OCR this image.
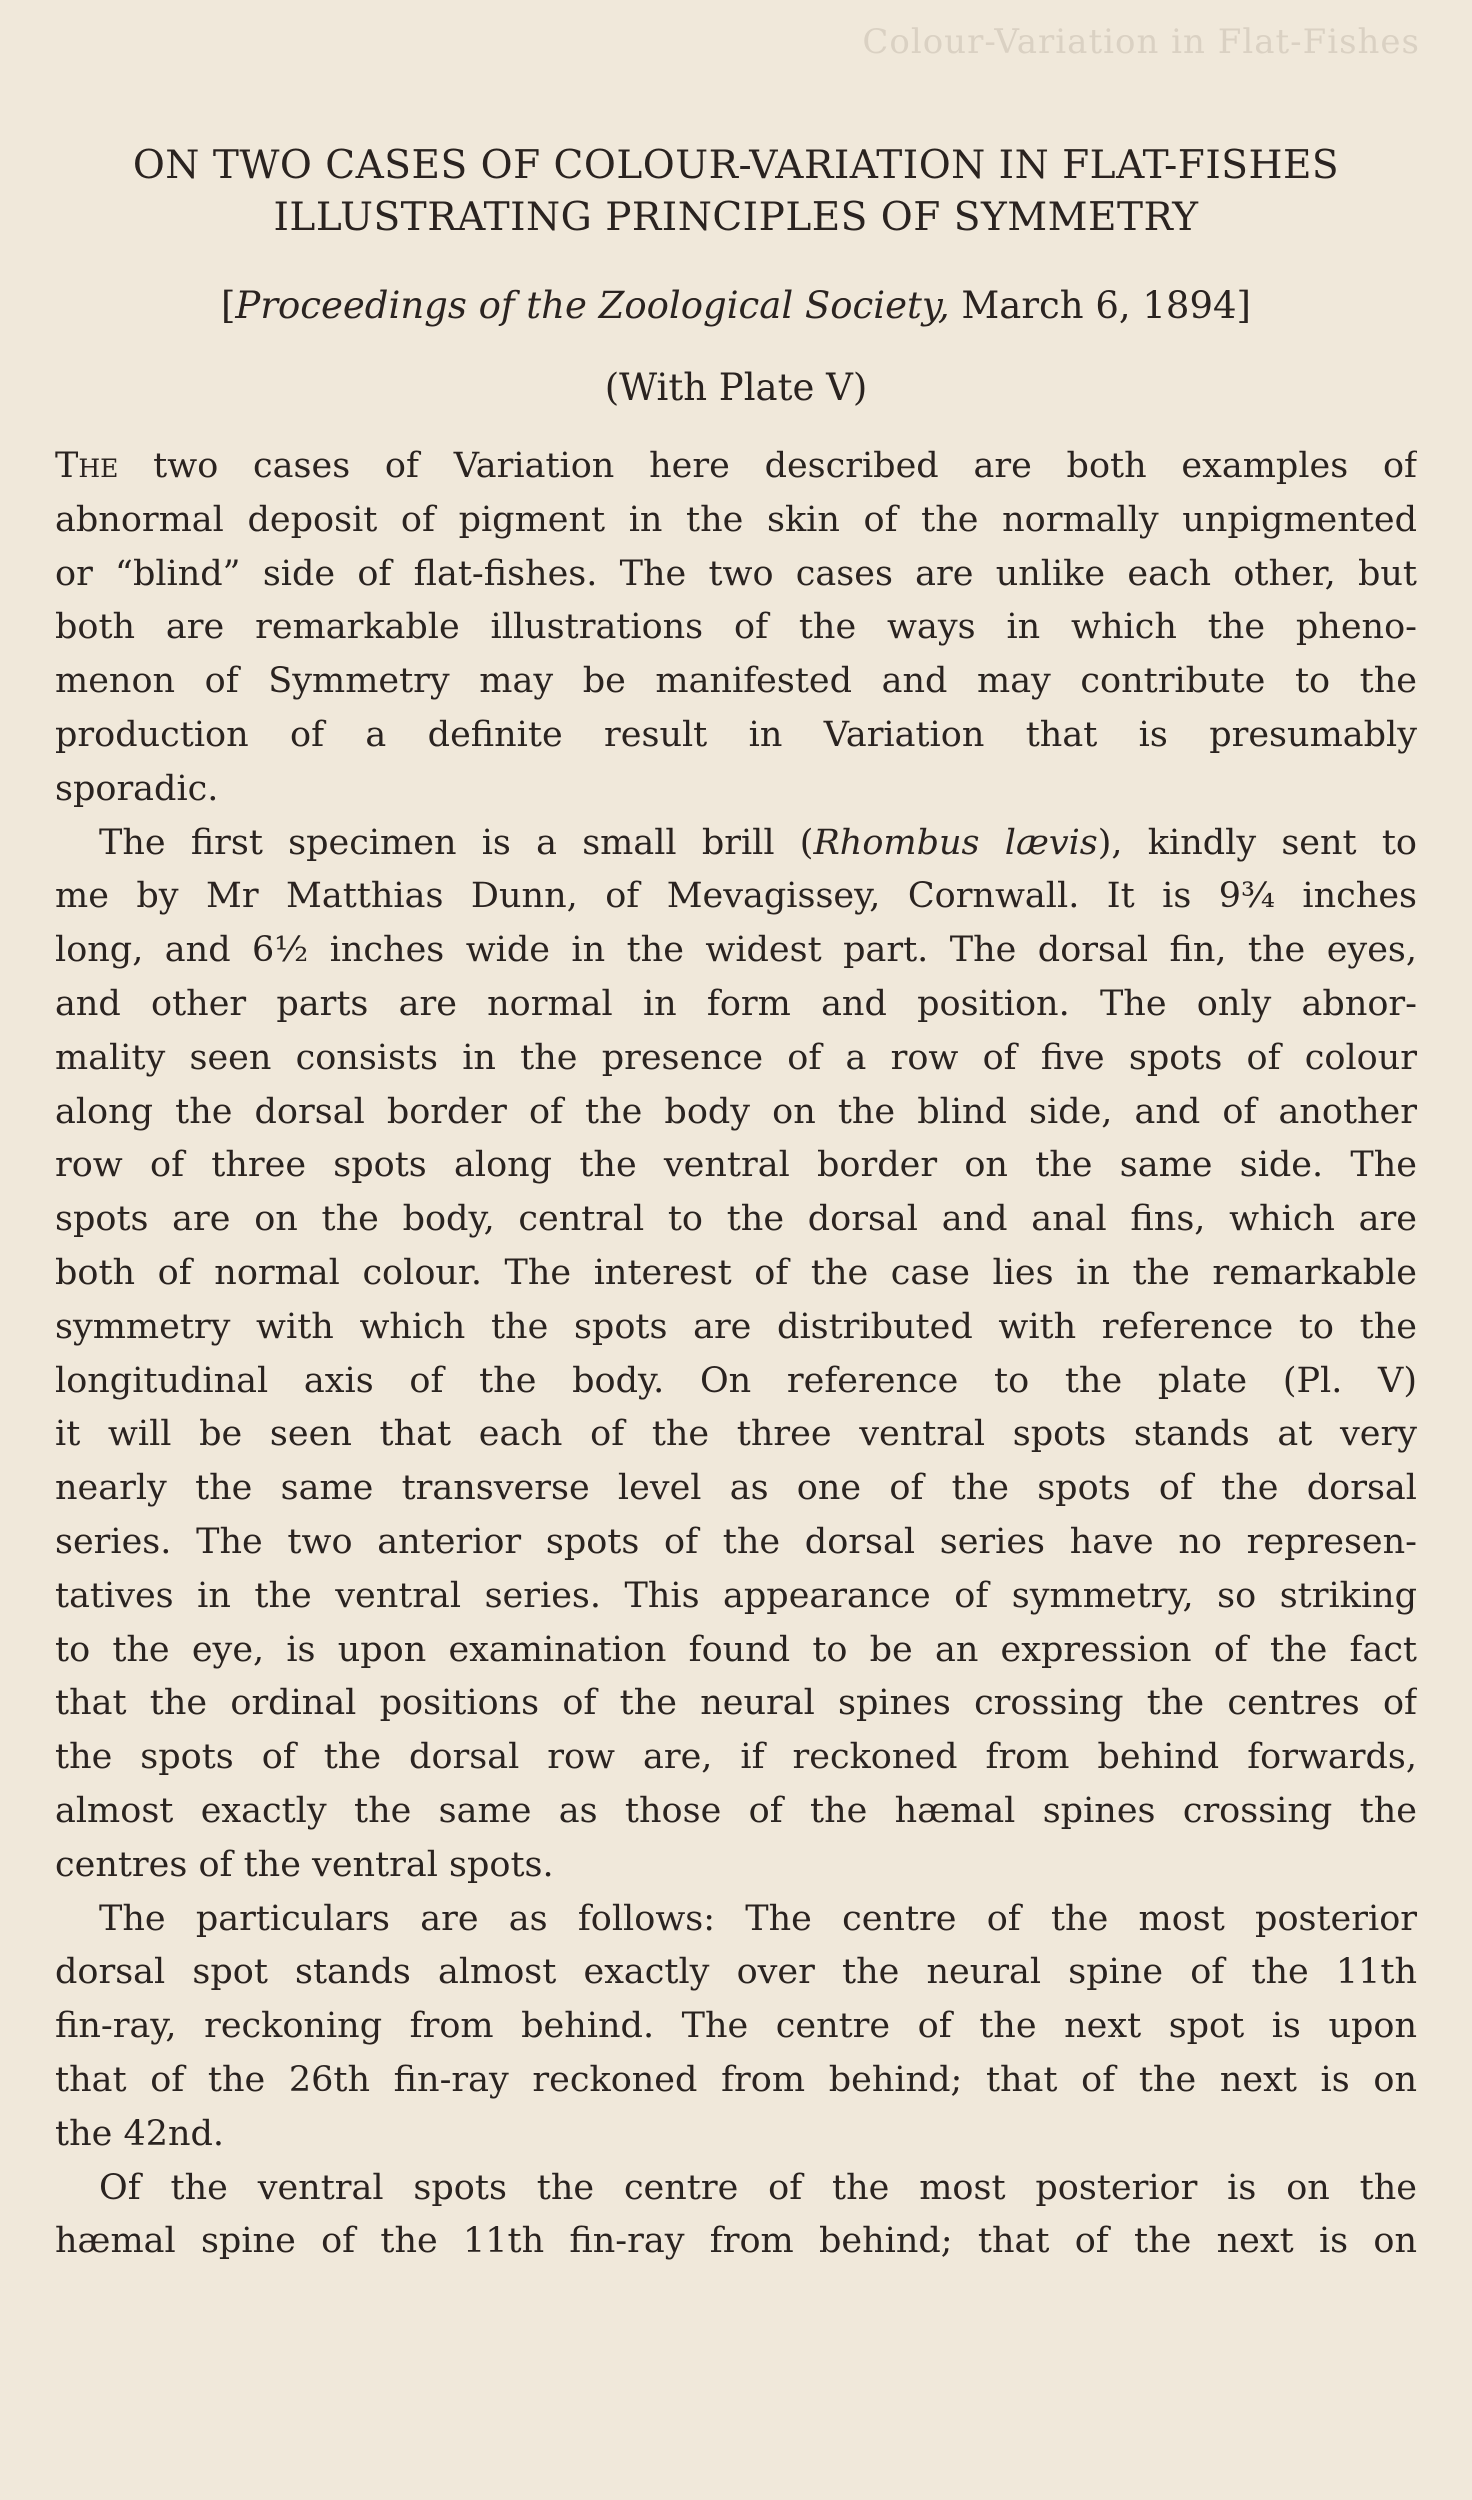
Colour-Variation in Flat-Fishes
ON TWO CASES OF COLOUR-VARIATION IN FLAT-FISHES
ILLUSTRATING PRINCIPLES OF SYMMETRY
[Proceedings of the Zoological Society, March 6, 1894]
(With Plate V)
The two cases of Variation here described are both examples of
abnormal deposit of pigment in the skin of the normally unpigmented
or “blind” side of flat-fishes. The two cases are unlike each other, but
both are remarkable illustrations of the ways in which the pheno-
menon of Symmetry may be manifested and may contribute to the
production of a definite result in Variation that is presumably
sporadic.
The first specimen is a small brill (Rhombus lævis), kindly sent to
me by Mr Matthias Dunn, of Mevagissey, Cornwall. It is 9¾ inches
long, and 6½ inches wide in the widest part. The dorsal fin, the eyes,
and other parts are normal in form and position. The only abnor-
mality seen consists in the presence of a row of five spots of colour
along the dorsal border of the body on the blind side, and of another
row of three spots along the ventral border on the same side. The
spots are on the body, central to the dorsal and anal fins, which are
both of normal colour. The interest of the case lies in the remarkable
symmetry with which the spots are distributed with reference to the
longitudinal axis of the body. On reference to the plate (Pl. V)
it will be seen that each of the three ventral spots stands at very
nearly the same transverse level as one of the spots of the dorsal
series. The two anterior spots of the dorsal series have no represen-
tatives in the ventral series. This appearance of symmetry, so striking
to the eye, is upon examination found to be an expression of the fact
that the ordinal positions of the neural spines crossing the centres of
the spots of the dorsal row are, if reckoned from behind forwards,
almost exactly the same as those of the hæmal spines crossing the
centres of the ventral spots.
The particulars are as follows: The centre of the most posterior
dorsal spot stands almost exactly over the neural spine of the 11th
fin-ray, reckoning from behind. The centre of the next spot is upon
that of the 26th fin-ray reckoned from behind; that of the next is on
the 42nd.
Of the ventral spots the centre of the most posterior is on the
hæmal spine of the 11th fin-ray from behind; that of the next is on
